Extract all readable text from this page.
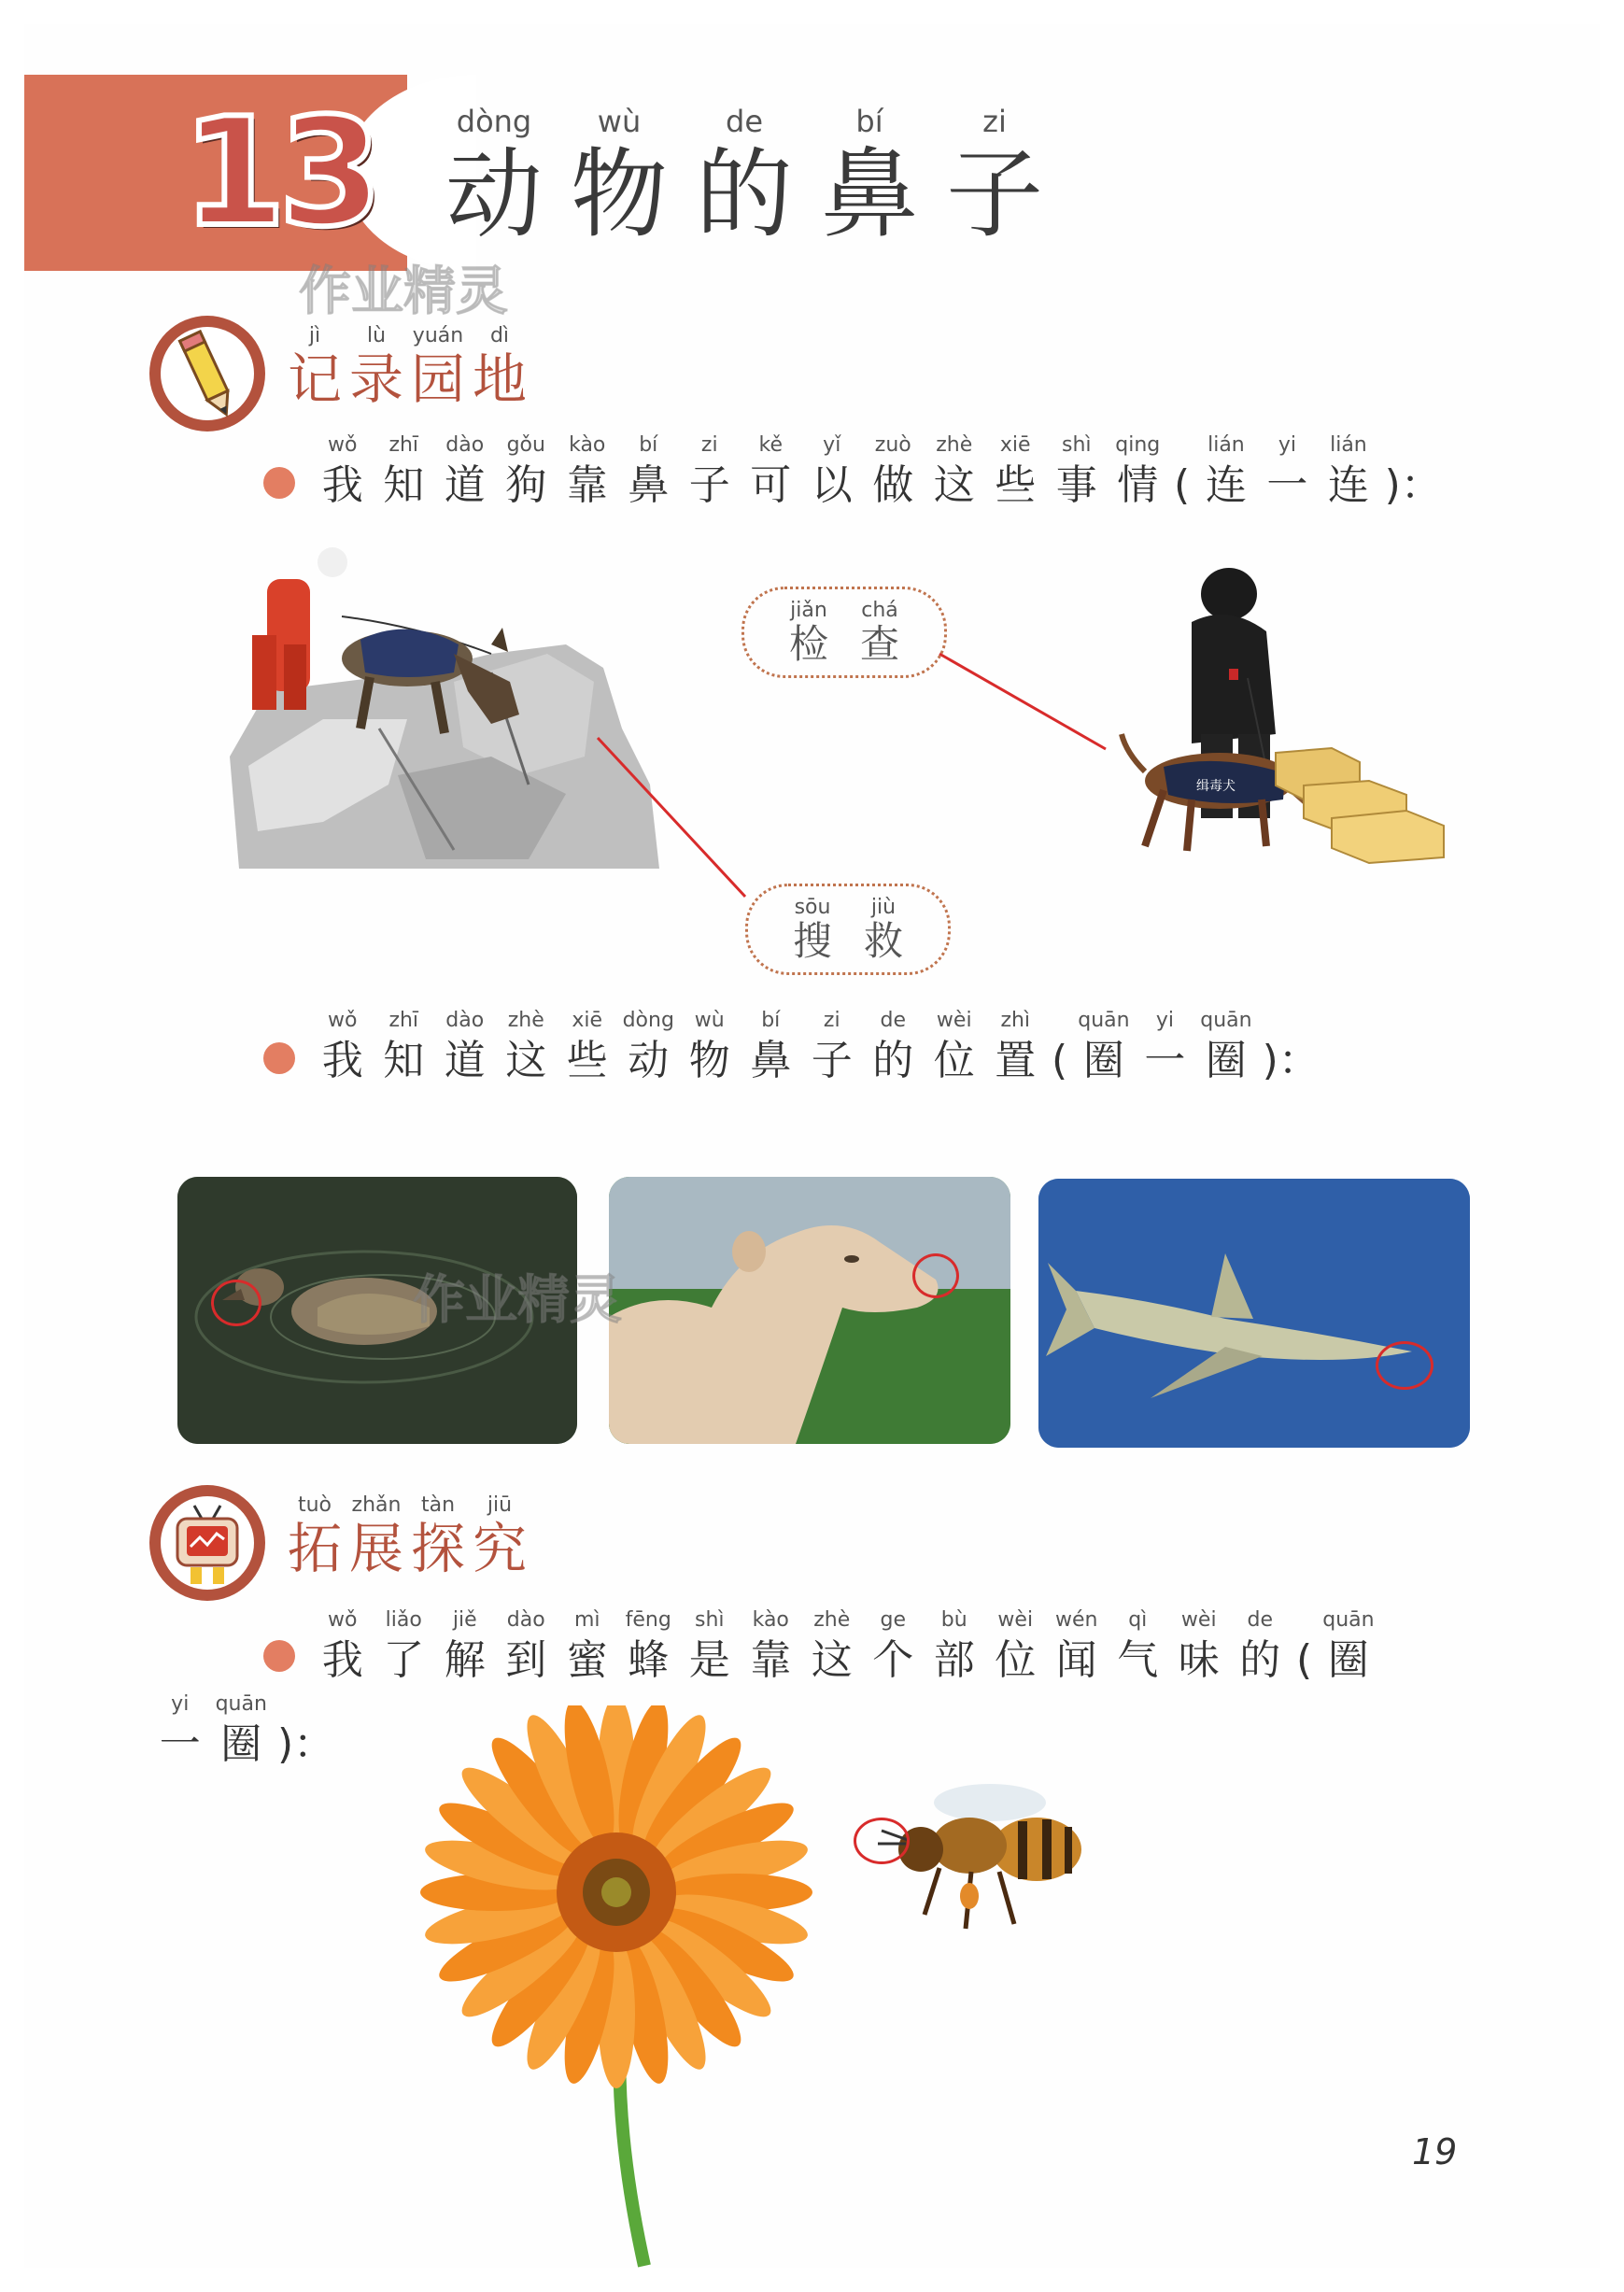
13	dòng
动
wù
物
de
的
bí
鼻
zi
子
作业精灵
jì
记
lù
录
yuán
园
dì
地
wǒ
我
zhī
知
dào
道
gǒu
狗
kào
靠
bí
鼻
zi
子
kě
可
yǐ
以
zuò
做
zhè
这
xiē
些
shì
事
qing
情 (
lián
连
yi
一
lián
连 )：
缉毒犬
jiǎn
检
chá
查
sōu
搜
jiù
救
wǒ
我
zhī
知
dào
道
zhè
这
xiē
些
dòng
动
wù
物
bí
鼻
zi
子
de
的
wèi
位
zhì
置 (
quān
圈
yi
一
quān
圈 )：
作业精灵
tuò
拓
zhǎn
展
tàn
探
jiū
究
wǒ
我
liǎo
了
jiě
解
dào
到
mì
蜜
fēng
蜂
shì
是
kào
靠
zhè
这
ge
个
bù
部
wèi
位
wén
闻
qì
气
wèi
味
de
的 (
quān
圈
yi
一
quān
圈 )：
19
